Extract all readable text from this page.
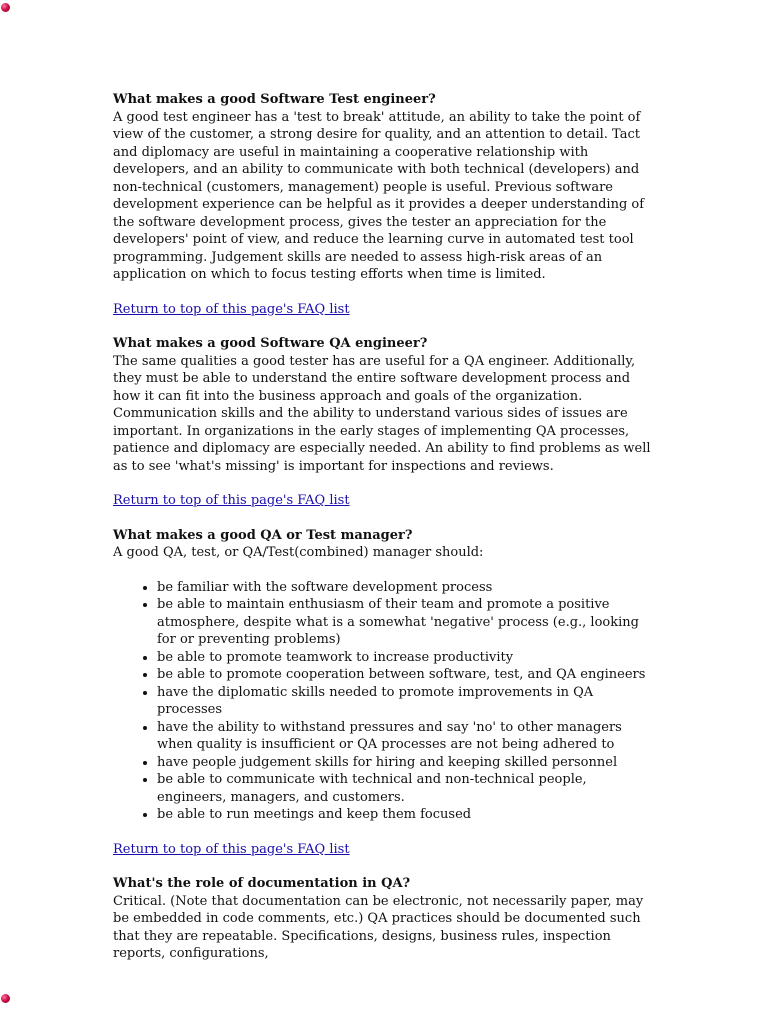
What makes a good Software Test engineer?

A good test engineer has a 'test to break' attitude, an ability to take the point of view of the customer, a strong desire for quality, and an attention to detail. Tact and diplomacy are useful in maintaining a cooperative relationship with developers, and an ability to communicate with both technical (developers) and non-technical (customers, management) people is useful. Previous software development experience can be helpful as it provides a deeper understanding of the software development process, gives the tester an appreciation for the developers' point of view, and reduce the learning curve in automated test tool programming. Judgement skills are needed to assess high-risk areas of an application on which to focus testing efforts when time is limited.

Return to top of this page's FAQ list

What makes a good Software QA engineer?

The same qualities a good tester has are useful for a QA engineer. Additionally, they must be able to understand the entire software development process and how it can fit into the business approach and goals of the organization. Communication skills and the ability to understand various sides of issues are important. In organizations in the early stages of implementing QA processes, patience and diplomacy are especially needed. An ability to find problems as well as to see 'what's missing' is important for inspections and reviews.

Return to top of this page's FAQ list

What makes a good QA or Test manager?

A good QA, test, or QA/Test(combined) manager should:

• be familiar with the software development process
• be able to maintain enthusiasm of their team and promote a positive atmosphere, despite what is a somewhat 'negative' process (e.g., looking for or preventing problems)
• be able to promote teamwork to increase productivity
• be able to promote cooperation between software, test, and QA engineers
• have the diplomatic skills needed to promote improvements in QA processes
• have the ability to withstand pressures and say 'no' to other managers when quality is insufficient or QA processes are not being adhered to
• have people judgement skills for hiring and keeping skilled personnel
• be able to communicate with technical and non-technical people, engineers, managers, and customers.
• be able to run meetings and keep them focused
Return to top of this page's FAQ list

What's the role of documentation in QA?

Critical. (Note that documentation can be electronic, not necessarily paper, may be embedded in code comments, etc.) QA practices should be documented such that they are repeatable. Specifications, designs, business rules, inspection reports, configurations,
